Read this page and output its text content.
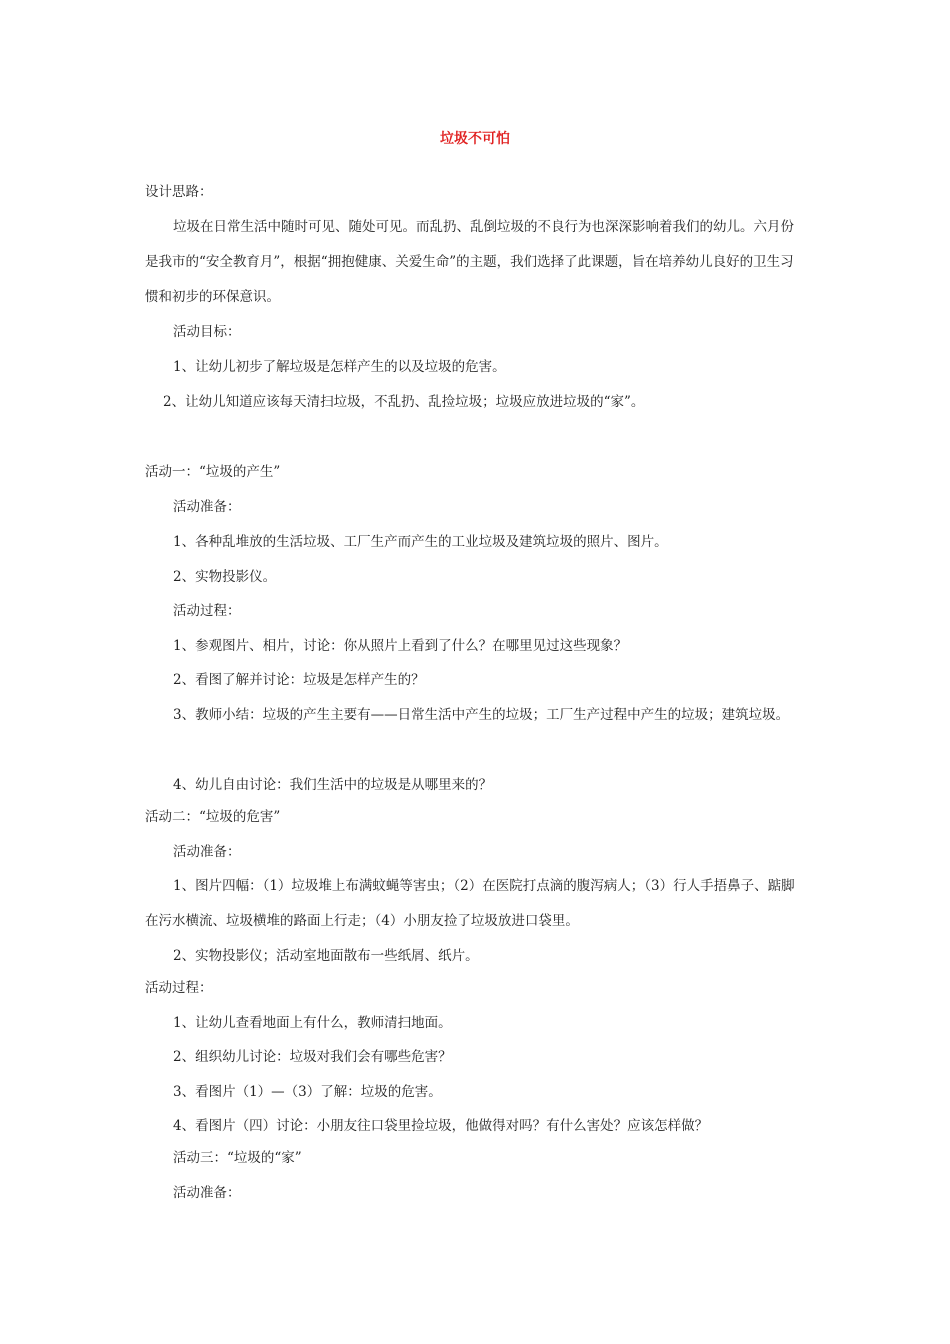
垃圾不可怕
设计思路：
垃圾在日常生活中随时可见、随处可见。而乱扔、乱倒垃圾的不良行为也深深影响着我们的幼儿。六月份是我市的“安全教育月”，根据“拥抱健康、关爱生命”的主题，我们选择了此课题，旨在培养幼儿良好的卫生习惯和初步的环保意识。
活动目标：
1、让幼儿初步了解垃圾是怎样产生的以及垃圾的危害。
2、让幼儿知道应该每天清扫垃圾，不乱扔、乱捡垃圾；垃圾应放进垃圾的“家”。
活动一：“垃圾的产生”
活动准备：
1、各种乱堆放的生活垃圾、工厂生产而产生的工业垃圾及建筑垃圾的照片、图片。
2、实物投影仪。
活动过程：
1、参观图片、相片，讨论：你从照片上看到了什么？在哪里见过这些现象？
2、看图了解并讨论：垃圾是怎样产生的？
3、教师小结：垃圾的产生主要有——日常生活中产生的垃圾；工厂生产过程中产生的垃圾；建筑垃圾。
4、幼儿自由讨论：我们生活中的垃圾是从哪里来的？
活动二：“垃圾的危害”
活动准备：
1、图片四幅：（1）垃圾堆上布满蚊蝇等害虫；（2）在医院打点滴的腹泻病人；（3）行人手捂鼻子、踮脚在污水横流、垃圾横堆的路面上行走；（4）小朋友捡了垃圾放进口袋里。
2、实物投影仪；活动室地面散布一些纸屑、纸片。
活动过程：
1、让幼儿查看地面上有什么，教师清扫地面。
2、组织幼儿讨论：垃圾对我们会有哪些危害？
3、看图片（1）—（3）了解：垃圾的危害。
4、看图片（四）讨论：小朋友往口袋里捡垃圾，他做得对吗？有什么害处？应该怎样做？
活动三：“垃圾的“家”
活动准备：
